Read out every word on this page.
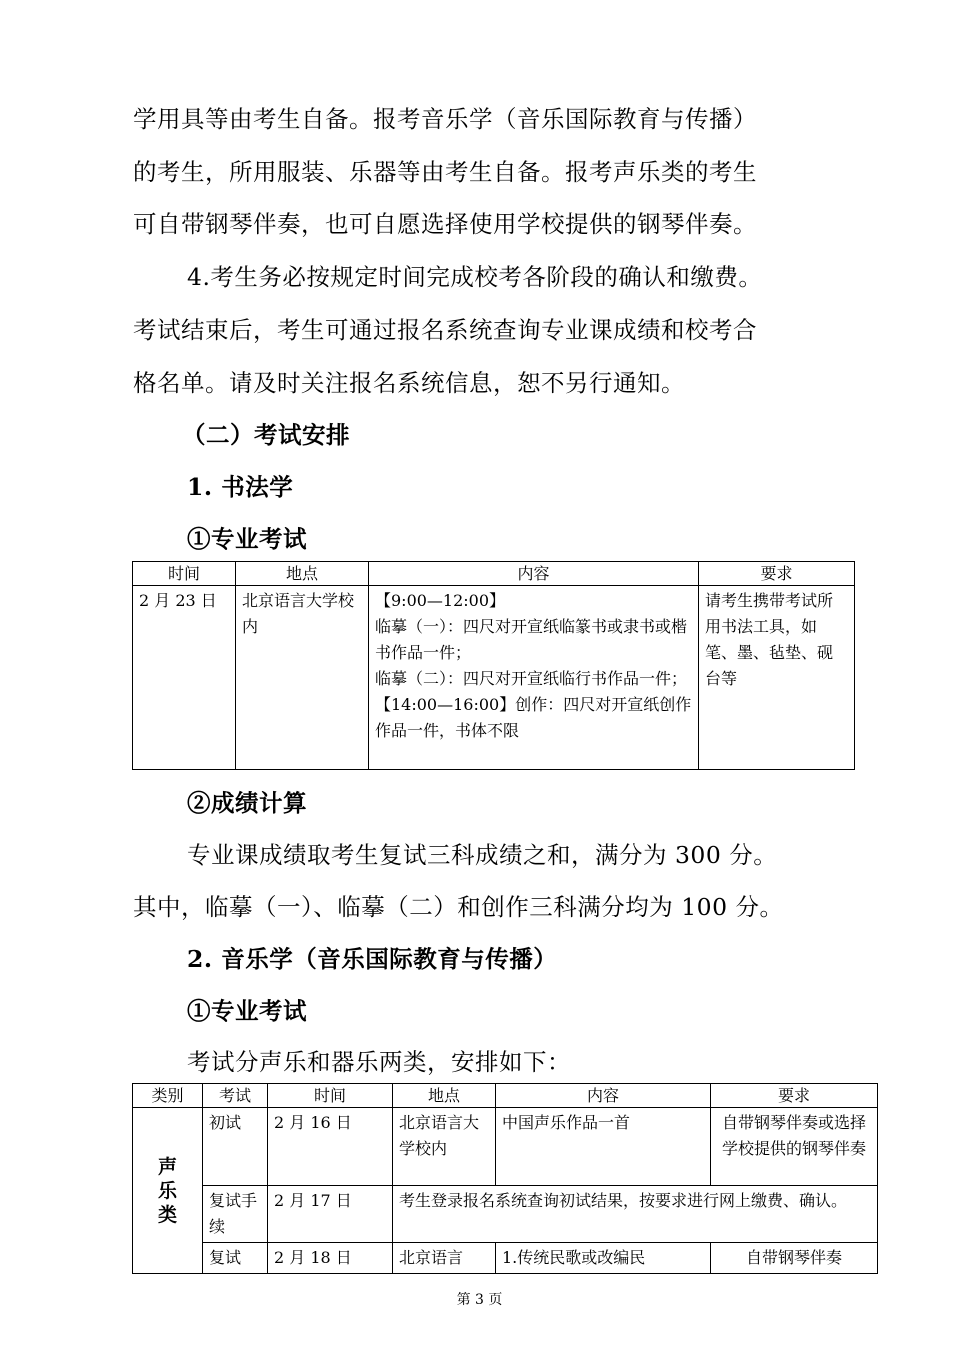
学用具等由考生自备。报考音乐学（音乐国际教育与传播）
的考生，所用服装、乐器等由考生自备。报考声乐类的考生
可自带钢琴伴奏，也可自愿选择使用学校提供的钢琴伴奏。
4.考生务必按规定时间完成校考各阶段的确认和缴费。
考试结束后，考生可通过报名系统查询专业课成绩和校考合
格名单。请及时关注报名系统信息，恕不另行通知。
（二）考试安排
1. 书法学
①专业考试
时间	地点	内容	要求
2 月 23 日	北京语言大学校内	【9:00—12:00】
临摹（一）：四尺对开宣纸临篆书或隶书或楷书作品一件；
临摹（二）：四尺对开宣纸临行书作品一件；
【14:00—16:00】创作：四尺对开宣纸创作作品一件，书体不限	请考生携带考试所用书法工具，如笔、墨、毡垫、砚台等
②成绩计算
专业课成绩取考生复试三科成绩之和，满分为 300 分。
其中，临摹（一）、临摹（二）和创作三科满分均为 100 分。
2. 音乐学（音乐国际教育与传播）
①专业考试
考试分声乐和器乐两类，安排如下：
类别	考试	时间	地点	内容	要求
声乐类	初试	2 月 16 日	北京语言大学校内	中国声乐作品一首	自带钢琴伴奏或选择学校提供的钢琴伴奏
	复试手续	2 月 17 日	考生登录报名系统查询初试结果，按要求进行网上缴费、确认。		
	复试	2 月 18 日	北京语言	1.传统民歌或改编民	自带钢琴伴奏
第 3 页
